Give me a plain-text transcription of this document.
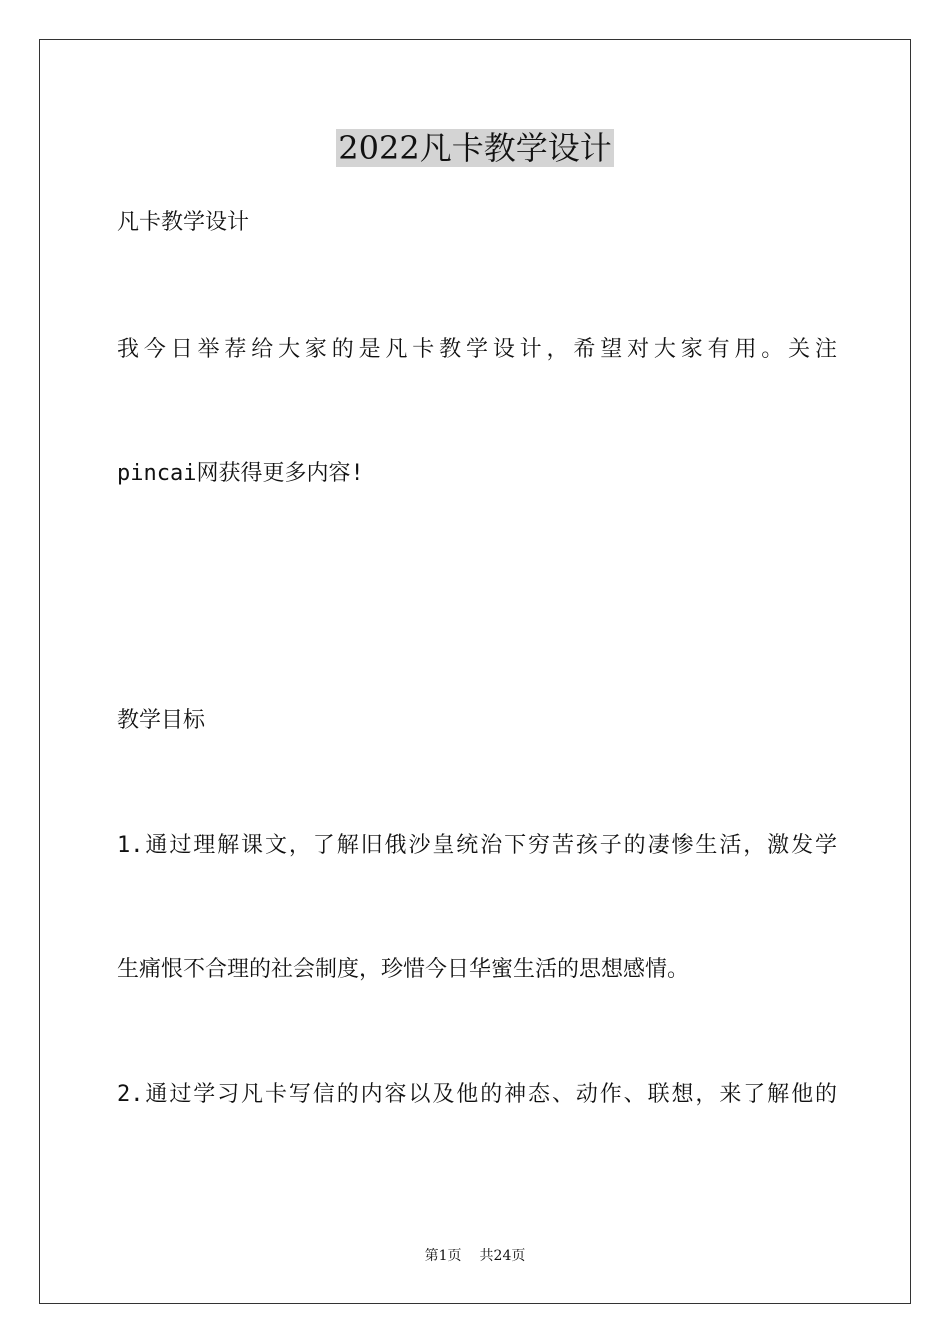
2022凡卡教学设计

凡卡教学设计

我今日举荐给大家的是凡卡教学设计，希望对大家有用。关注

pincai网获得更多内容!

教学目标

1.通过理解课文，了解旧俄沙皇统治下穷苦孩子的凄惨生活，激发学

生痛恨不合理的社会制度，珍惜今日华蜜生活的思想感情。

2.通过学习凡卡写信的内容以及他的神态、动作、联想，来了解他的

第1页 共24页
